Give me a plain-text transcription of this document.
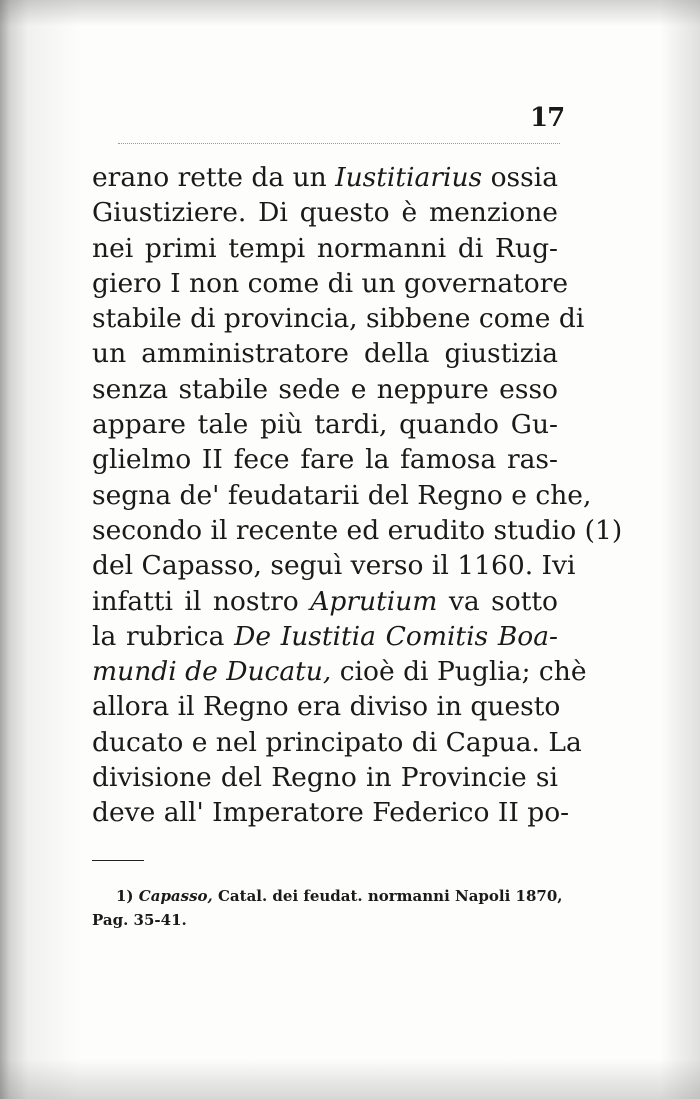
17
erano rette da un Iustitiarius ossia
Giustiziere. Di questo è menzione
nei primi tempi normanni di Rug-
giero I non come di un governatore
stabile di provincia, sibbene come di
un amministratore della giustizia
senza stabile sede e neppure esso
appare tale più tardi, quando Gu-
glielmo II fece fare la famosa ras-
segna de' feudatarii del Regno e che,
secondo il recente ed erudito studio (1)
del Capasso, seguì verso il 1160. Ivi
infatti il nostro Aprutium va sotto
la rubrica De Iustitia Comitis Boa-
mundi de Ducatu, cioè di Puglia; chè
allora il Regno era diviso in questo
ducato e nel principato di Capua. La
divisione del Regno in Provincie si
deve all' Imperatore Federico II po-
1) Capasso, Catal. dei feudat. normanni Napoli 1870,
Pag. 35-41.
